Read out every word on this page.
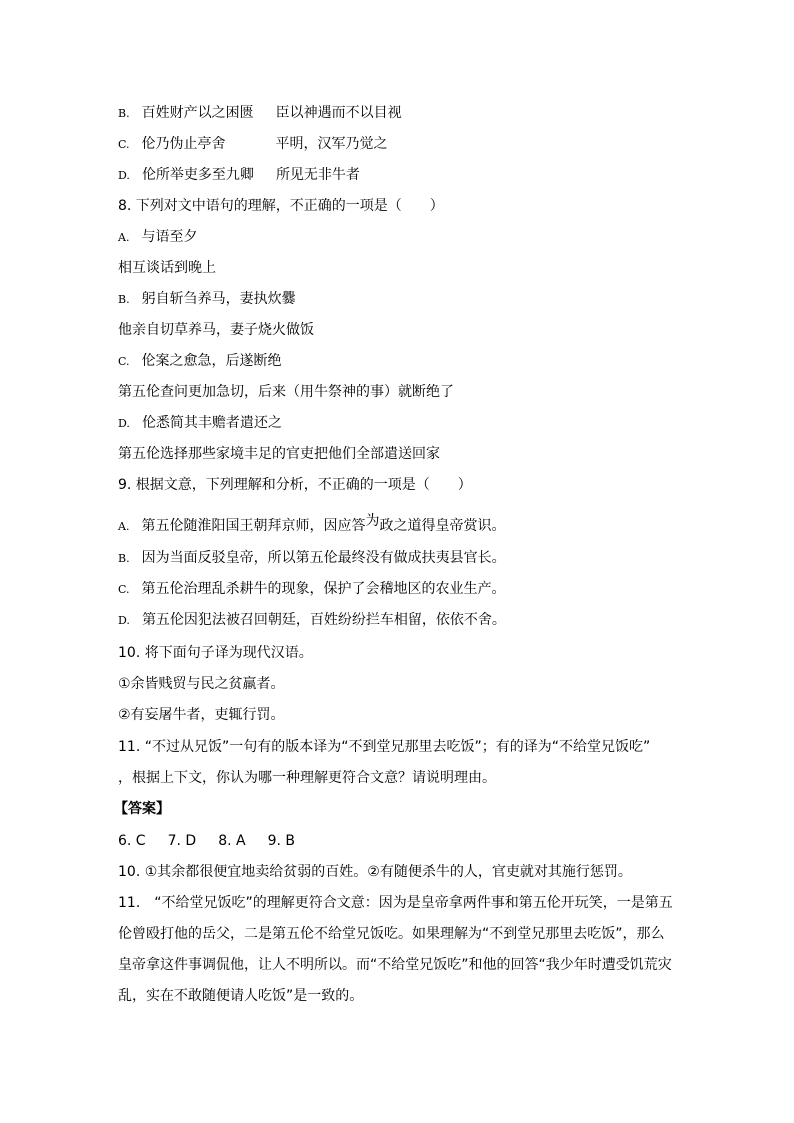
B. 百姓财产以之困匮 臣以神遇而不以目视
C. 伦乃伪止亭舍	平明，汉军乃觉之
D. 伦所举吏多至九卿 所见无非牛者
8. 下列对文中语句的理解，不正确的一项是（　　）
A. 与语至夕
相互谈话到晚上
B. 躬自斩刍养马，妻执炊爨
他亲自切草养马，妻子烧火做饭
C. 伦案之愈急，后遂断绝
第五伦查问更加急切，后来（用牛祭神的事）就断绝了
D. 伦悉简其丰赡者遣还之
第五伦选择那些家境丰足的官吏把他们全部遣送回家
9. 根据文意，下列理解和分析，不正确的一项是（　　）
A. 第五伦随淮阳国王朝拜京师，因应答为政之道得皇帝赏识。
B. 因为当面反驳皇帝，所以第五伦最终没有做成扶夷县官长。
C. 第五伦治理乱杀耕牛的现象，保护了会稽地区的农业生产。
D. 第五伦因犯法被召回朝廷，百姓纷纷拦车相留，依依不舍。
10. 将下面句子译为现代汉语。
①余皆贱贸与民之贫羸者。
②有妄屠牛者，吏辄行罚。
11. “不过从兄饭”一句有的版本译为“不到堂兄那里去吃饭”；有的译为“不给堂兄饭吃”
，根据上下文，你认为哪一种理解更符合文意？请说明理由。
【答案】
6. C 7. D 8. A 9. B
10. ①其余都很便宜地卖给贫弱的百姓。②有随便杀牛的人，官吏就对其施行惩罚。
11.　“不给堂兄饭吃”的理解更符合文意：因为是皇帝拿两件事和第五伦开玩笑，一是第五伦曾殴打他的岳父，二是第五伦不给堂兄饭吃。如果理解为“不到堂兄那里去吃饭”，那么皇帝拿这件事调侃他，让人不明所以。而“不给堂兄饭吃”和他的回答“我少年时遭受饥荒灾乱，实在不敢随便请人吃饭”是一致的。
